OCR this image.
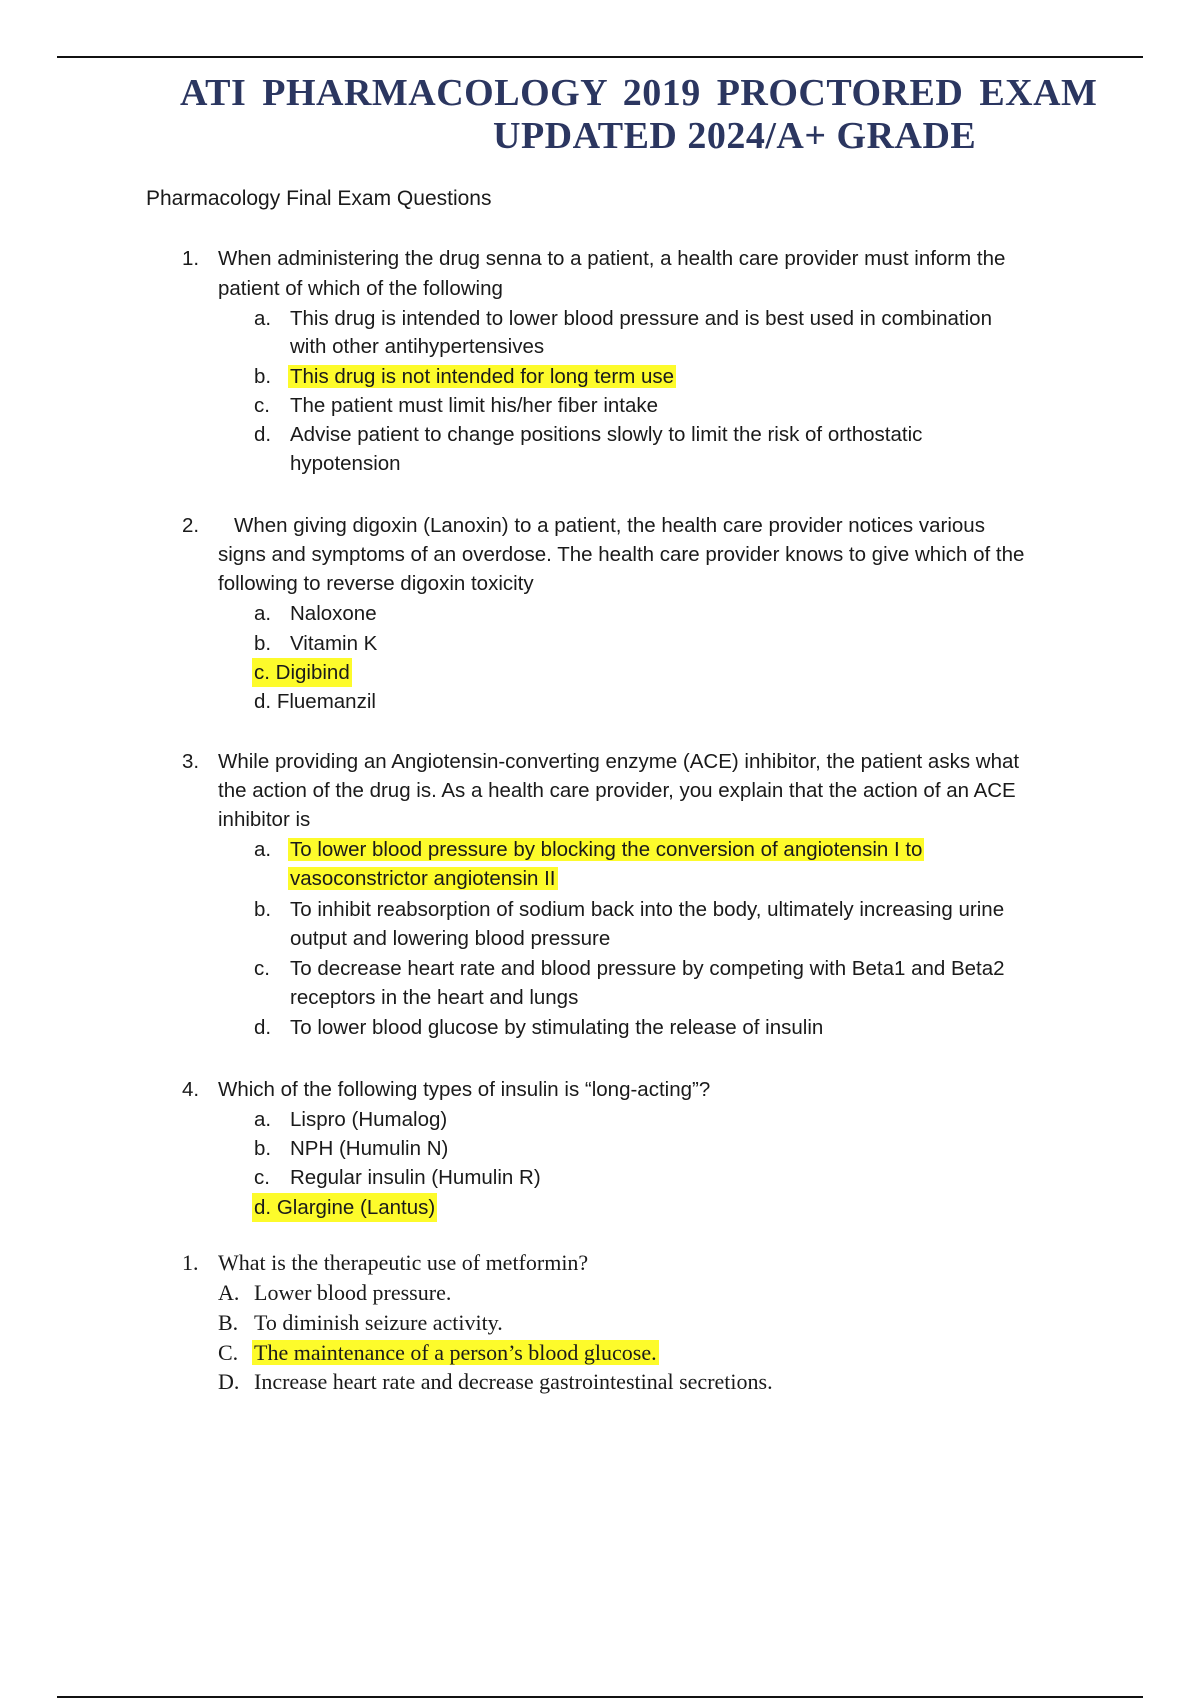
ATI PHARMACOLOGY 2019 PROCTORED EXAM
UPDATED 2024/A+ GRADE
Pharmacology Final Exam Questions
1. When administering the drug senna to a patient, a health care provider must inform the
patient of which of the following
a. This drug is intended to lower blood pressure and is best used in combination
with other antihypertensives
b. This drug is not intended for long term use
c. The patient must limit his/her fiber intake
d. Advise patient to change positions slowly to limit the risk of orthostatic
hypotension
2. When giving digoxin (Lanoxin) to a patient, the health care provider notices various
signs and symptoms of an overdose. The health care provider knows to give which of the
following to reverse digoxin toxicity
a. Naloxone
b. Vitamin K
c. Digibind
d. Fluemanzil
3. While providing an Angiotensin-converting enzyme (ACE) inhibitor, the patient asks what
the action of the drug is. As a health care provider, you explain that the action of an ACE
inhibitor is
a. To lower blood pressure by blocking the conversion of angiotensin I to
vasoconstrictor angiotensin II
b. To inhibit reabsorption of sodium back into the body, ultimately increasing urine
output and lowering blood pressure
c. To decrease heart rate and blood pressure by competing with Beta1 and Beta2
receptors in the heart and lungs
d. To lower blood glucose by stimulating the release of insulin
4. Which of the following types of insulin is “long-acting”?
a. Lispro (Humalog)
b. NPH (Humulin N)
c. Regular insulin (Humulin R)
d. Glargine (Lantus)
1. What is the therapeutic use of metformin?
A. Lower blood pressure.
B. To diminish seizure activity.
C. The maintenance of a person’s blood glucose.
D. Increase heart rate and decrease gastrointestinal secretions.
